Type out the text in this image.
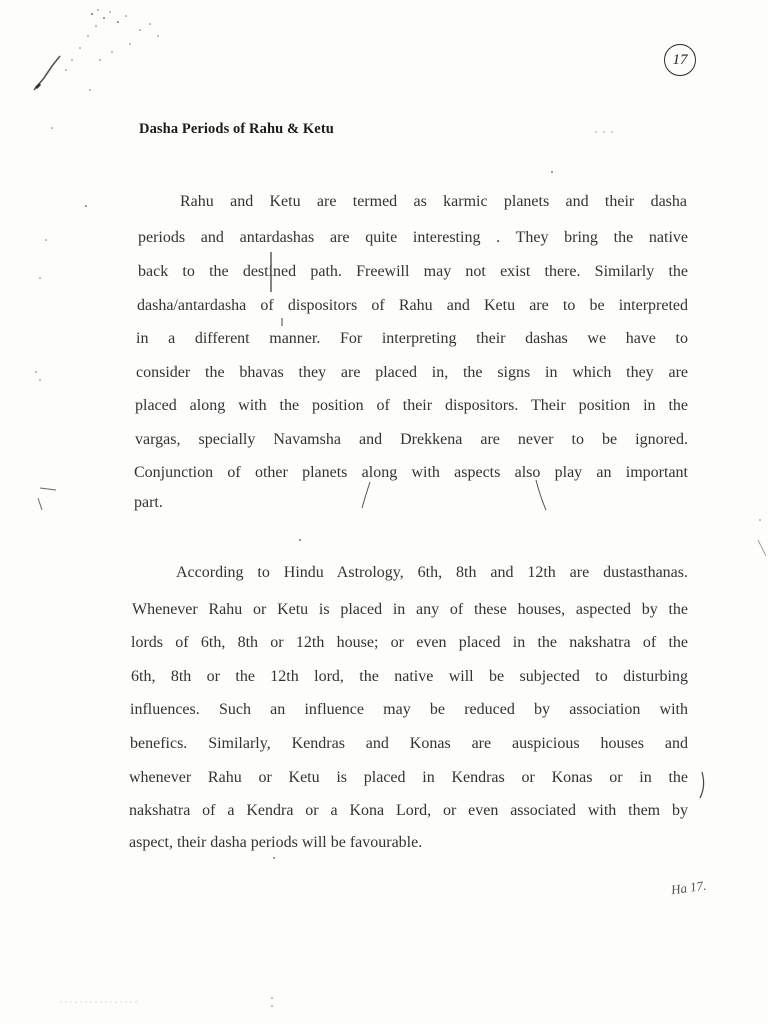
17
Dasha Periods of Rahu & Ketu
Rahu and Ketu are termed as karmic planets and their dasha
periods and antardashas are quite interesting . They bring the native
back to the destined path. Freewill may not exist there. Similarly the
dasha/antardasha of dispositors of Rahu and Ketu are to be interpreted
in a different manner. For interpreting their dashas we have to
consider the bhavas they are placed in, the signs in which they are
placed along with the position of their dispositors. Their position in the
vargas, specially Navamsha and Drekkena are never to be ignored.
Conjunction of other planets along with aspects also play an important
part.
According to Hindu Astrology, 6th, 8th and 12th are dustasthanas.
Whenever Rahu or Ketu is placed in any of these houses, aspected by the
lords of 6th, 8th or 12th house; or even placed in the nakshatra of the
6th, 8th or the 12th lord, the native will be subjected to disturbing
influences. Such an influence may be reduced by association with
benefics. Similarly, Kendras and Konas are auspicious houses and
whenever Rahu or Ketu is placed in Kendras or Konas or in the
nakshatra of a Kendra or a Kona Lord, or even associated with them by
aspect, their dasha periods will be favourable.
Ha 17.
